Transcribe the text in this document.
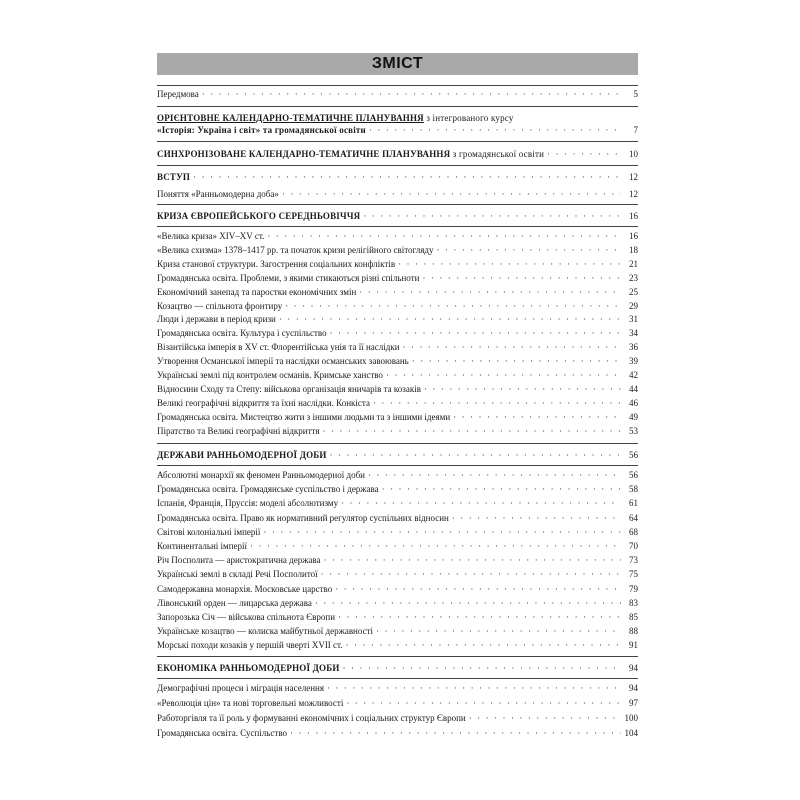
ЗМІСТ
Передмова · · ·	5
ОРІЄНТОВНЕ КАЛЕНДАРНО-ТЕМАТИЧНЕ ПЛАНУВАННЯ з інтегрованого курсу
«Історія: Україна і світ» та громадянської освіти · · ·	7
СИНХРОНІЗОВАНЕ КАЛЕНДАРНО-ТЕМАТИЧНЕ ПЛАНУВАННЯ з громадянської освіти · · ·	10
ВСТУП · · ·	12
Поняття «Ранньомодерна доба» · · ·	12
КРИЗА ЄВРОПЕЙСЬКОГО СЕРЕДНЬОВІЧЧЯ · · ·	16
«Велика криза» XIV–XV ст. · · ·	16
«Велика схизма» 1378–1417 рр. та початок кризи релігійного світогляду · · ·	18
Криза станової структури. Загострення соціальних конфліктів · · ·	21
Громадянська освіта. Проблеми, з якими стикаються різні спільноти · · ·	23
Економічний занепад та паростки економічних змін · · ·	25
Козацтво — спільнота фронтиру · · ·	29
Люди і держави в період кризи · · ·	31
Громадянська освіта. Культура і суспільство · · ·	34
Візантійська імперія в XV ст. Флорентійська унія та її наслідки · · ·	36
Утворення Османської імперії та наслідки османських завоювань · · ·	39
Українські землі під контролем османів. Кримське ханство · · ·	42
Відносини Сходу та Степу: військова організація яничарів та козаків · · ·	44
Великі географічні відкриття та їхні наслідки. Конкіста · · ·	46
Громадянська освіта. Мистецтво жити з іншими людьми та з іншими ідеями · · ·	49
Піратство та Великі географічні відкриття · · ·	53
ДЕРЖАВИ РАННЬОМОДЕРНОЇ ДОБИ · · ·	56
Абсолютні монархії як феномен Ранньомодерної доби · · ·	56
Громадянська освіта. Громадянське суспільство і держава · · ·	58
Іспанія, Франція, Пруссія: моделі абсолютизму · · ·	61
Громадянська освіта. Право як нормативний регулятор суспільних відносин · · ·	64
Світові колоніальні імперії · · ·	68
Континентальні імперії · · ·	70
Річ Посполита — аристократична держава · · ·	73
Українські землі в складі Речі Посполитої · · ·	75
Самодержавна монархія. Московське царство · · ·	79
Лівонський орден — лицарська держава · · ·	83
Запорозька Січ — військова спільнота Європи · · ·	85
Українське козацтво — колиска майбутньої державності · · ·	88
Морські походи козаків у першій чверті XVII ст. · · ·	91
ЕКОНОМІКА РАННЬОМОДЕРНОЇ ДОБИ · · ·	94
Демографічні процеси і міграція населення · · ·	94
«Революція цін» та нові торговельні можливості · · ·	97
Работоргівля та її роль у формуванні економічних і соціальних структур Європи · · ·	100
Громадянська освіта. Суспільство · · ·	104
